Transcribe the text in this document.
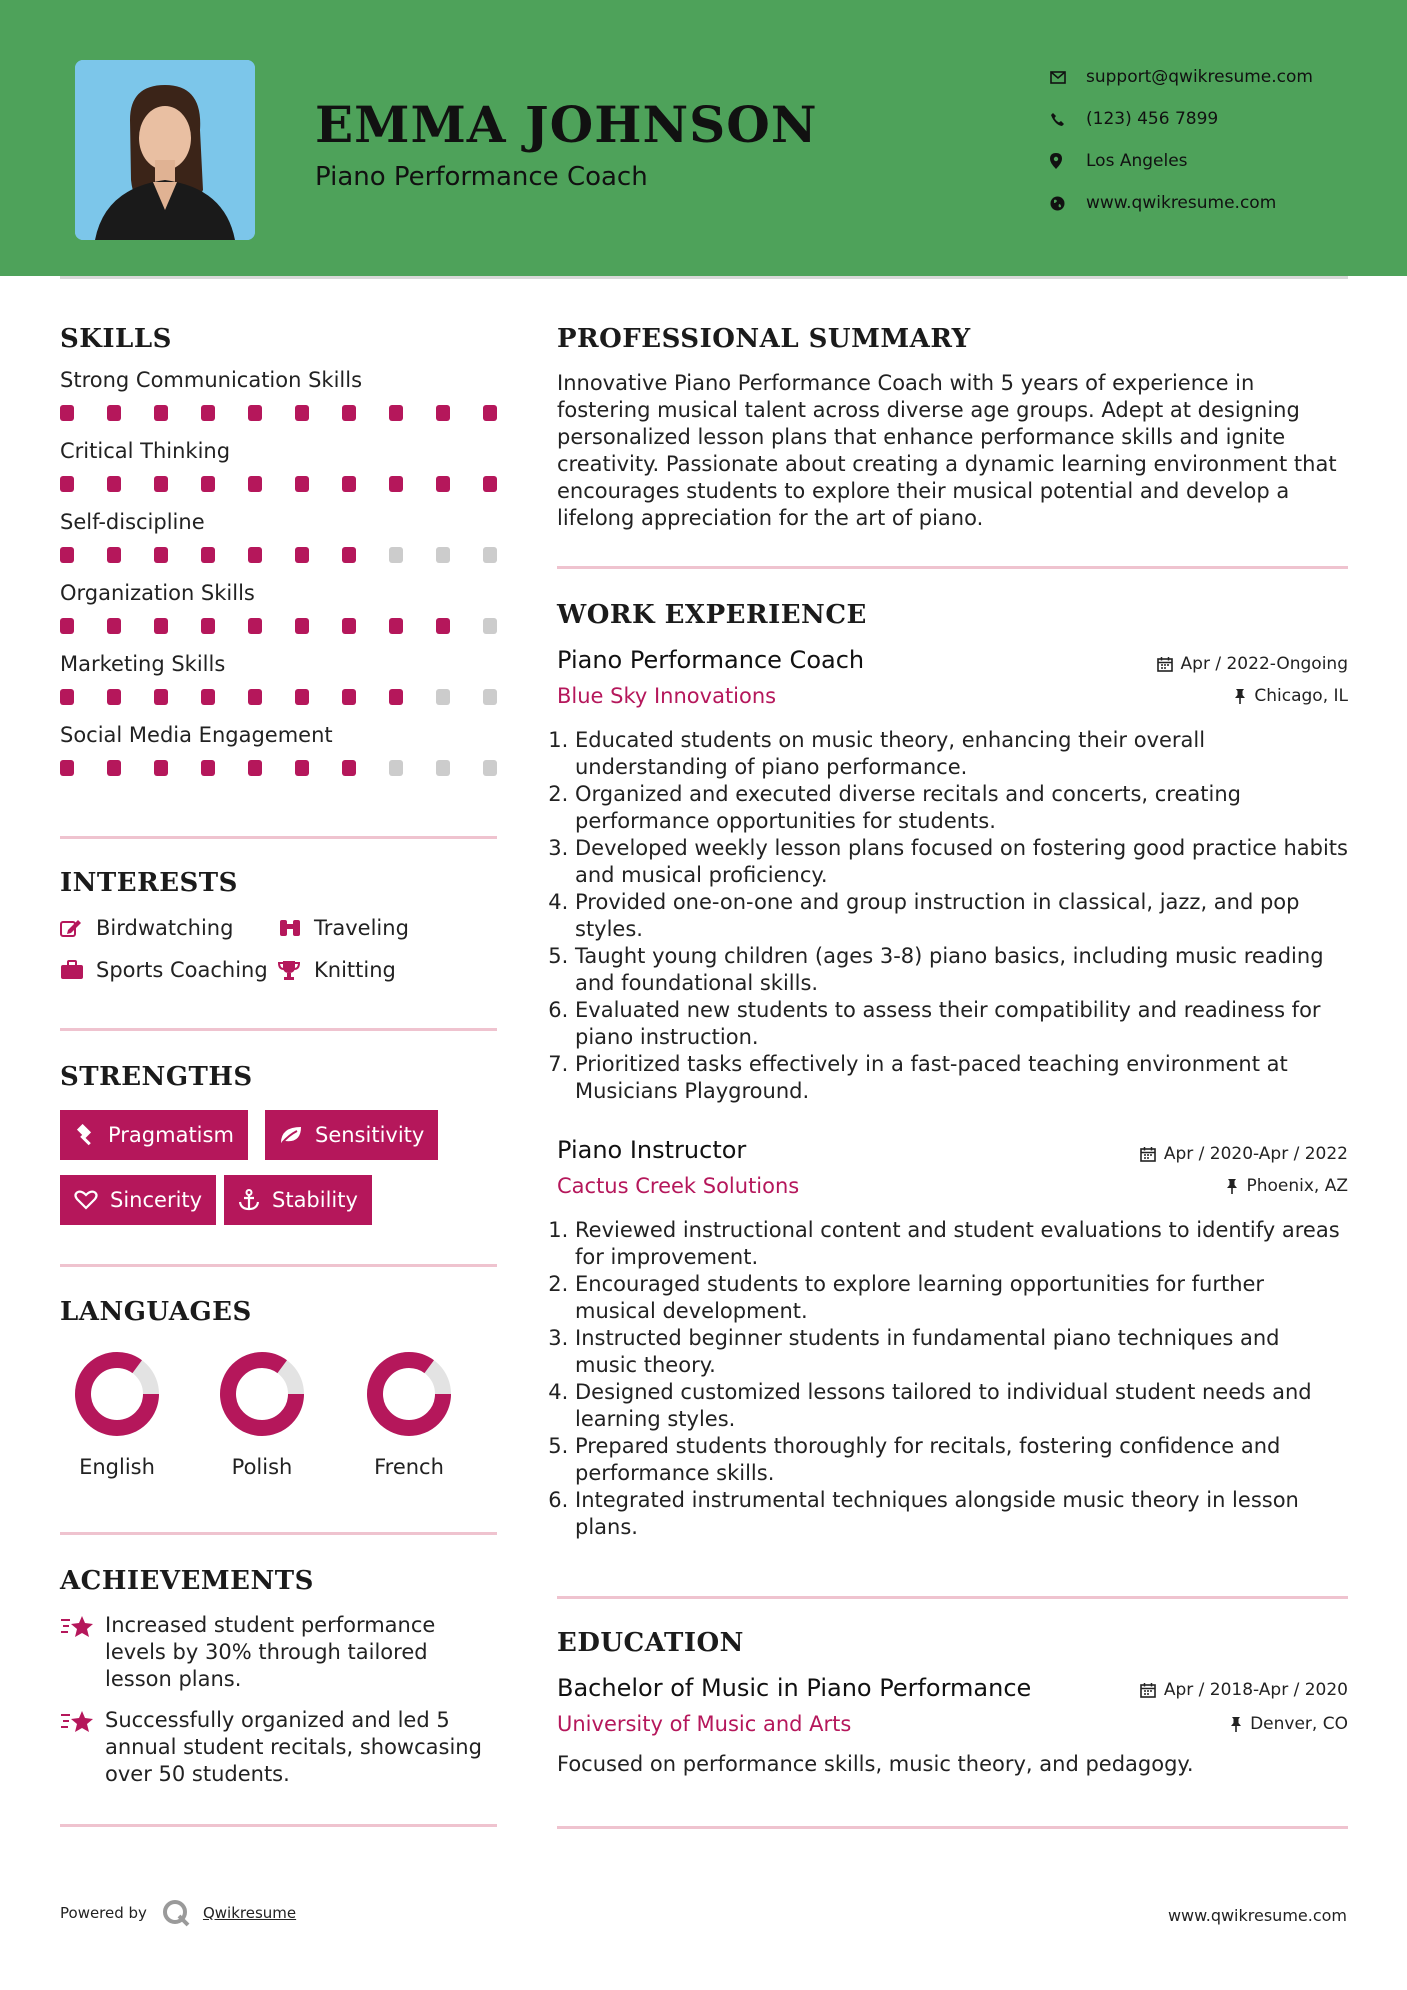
EMMA JOHNSON
Piano Performance Coach
support@qwikresume.com
(123) 456 7899
Los Angeles
www.qwikresume.com
SKILLS
Strong Communication Skills
Critical Thinking
Self-discipline
Organization Skills
Marketing Skills
Social Media Engagement
INTERESTS
Birdwatching	Traveling
Sports Coaching Knitting
STRENGTHS
Pragmatism	Sensitivity
Sincerity	Stability
LANGUAGES
English	Polish	French
ACHIEVEMENTS
Increased student performance levels by 30% through tailored lesson plans.
Successfully organized and led 5 annual student recitals, showcasing over 50 students.
PROFESSIONAL SUMMARY
Innovative Piano Performance Coach with 5 years of experience in fostering musical talent across diverse age groups. Adept at designing personalized lesson plans that enhance performance skills and ignite creativity. Passionate about creating a dynamic learning environment that encourages students to explore their musical potential and develop a lifelong appreciation for the art of piano.
WORK EXPERIENCE
Piano Performance Coach	Apr / 2022-Ongoing
Blue Sky Innovations	Chicago, IL
1. Educated students on music theory, enhancing their overall understanding of piano performance.
2. Organized and executed diverse recitals and concerts, creating performance opportunities for students.
3. Developed weekly lesson plans focused on fostering good practice habits and musical proficiency.
4. Provided one-on-one and group instruction in classical, jazz, and pop styles.
5. Taught young children (ages 3-8) piano basics, including music reading and foundational skills.
6. Evaluated new students to assess their compatibility and readiness for piano instruction.
7. Prioritized tasks effectively in a fast-paced teaching environment at Musicians Playground.
Piano Instructor	Apr / 2020-Apr / 2022
Cactus Creek Solutions	Phoenix, AZ
1. Reviewed instructional content and student evaluations to identify areas for improvement.
2. Encouraged students to explore learning opportunities for further musical development.
3. Instructed beginner students in fundamental piano techniques and music theory.
4. Designed customized lessons tailored to individual student needs and learning styles.
5. Prepared students thoroughly for recitals, fostering confidence and performance skills.
6. Integrated instrumental techniques alongside music theory in lesson plans.
EDUCATION
Bachelor of Music in Piano Performance	Apr / 2018-Apr / 2020
University of Music and Arts	Denver, CO
Focused on performance skills, music theory, and pedagogy.
Powered by	Qwikresume	www.qwikresume.com
